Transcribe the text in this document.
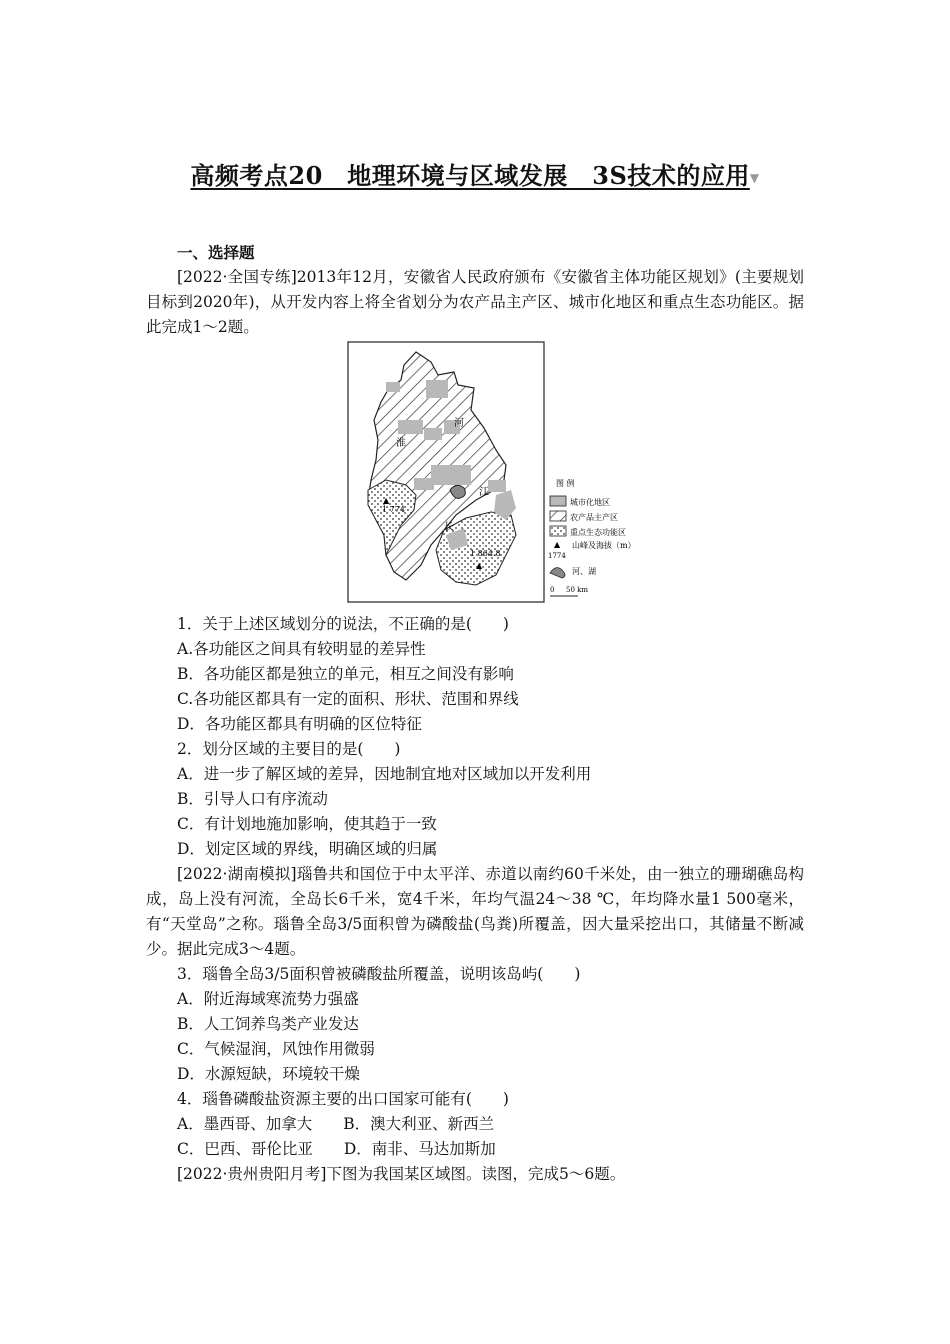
高频考点20　地理环境与区域发展　3S技术的应用▼

一、选择题

[2022·全国专练]2013年12月，安徽省人民政府颁布《安徽省主体功能区规划》(主要规划目标到2020年)，从开发内容上将全省划分为农产品主产区、城市化地区和重点生态功能区。据此完成1～2题。

河
淮
江
长
▲
1 774
▲
1 864.8
图 例
城市化地区
农产品主产区
重点生态功能区
▲ 山峰及海拔（m）
1774
河、湖
0 50 km

1．关于上述区域划分的说法，不正确的是(　　)

A.各功能区之间具有较明显的差异性

B．各功能区都是独立的单元，相互之间没有影响

C.各功能区都具有一定的面积、形状、范围和界线

D．各功能区都具有明确的区位特征

2．划分区域的主要目的是(　　)

A．进一步了解区域的差异，因地制宜地对区域加以开发利用

B．引导人口有序流动

C．有计划地施加影响，使其趋于一致

D．划定区域的界线，明确区域的归属

[2022·湖南模拟]瑙鲁共和国位于中太平洋、赤道以南约60千米处，由一独立的珊瑚礁岛构成，岛上没有河流，全岛长6千米，宽4千米，年均气温24～38 ℃，年均降水量1 500毫米，有“天堂岛”之称。瑙鲁全岛3/5面积曾为磷酸盐(鸟粪)所覆盖，因大量采挖出口，其储量不断减少。据此完成3～4题。

3．瑙鲁全岛3/5面积曾被磷酸盐所覆盖，说明该岛屿(　　)

A．附近海域寒流势力强盛

B．人工饲养鸟类产业发达

C．气候湿润，风蚀作用微弱

D．水源短缺，环境较干燥

4．瑙鲁磷酸盐资源主要的出口国家可能有(　　)

A．墨西哥、加拿大　　B．澳大利亚、新西兰

C．巴西、哥伦比亚　　D．南非、马达加斯加

[2022·贵州贵阳月考]下图为我国某区域图。读图，完成5～6题。
